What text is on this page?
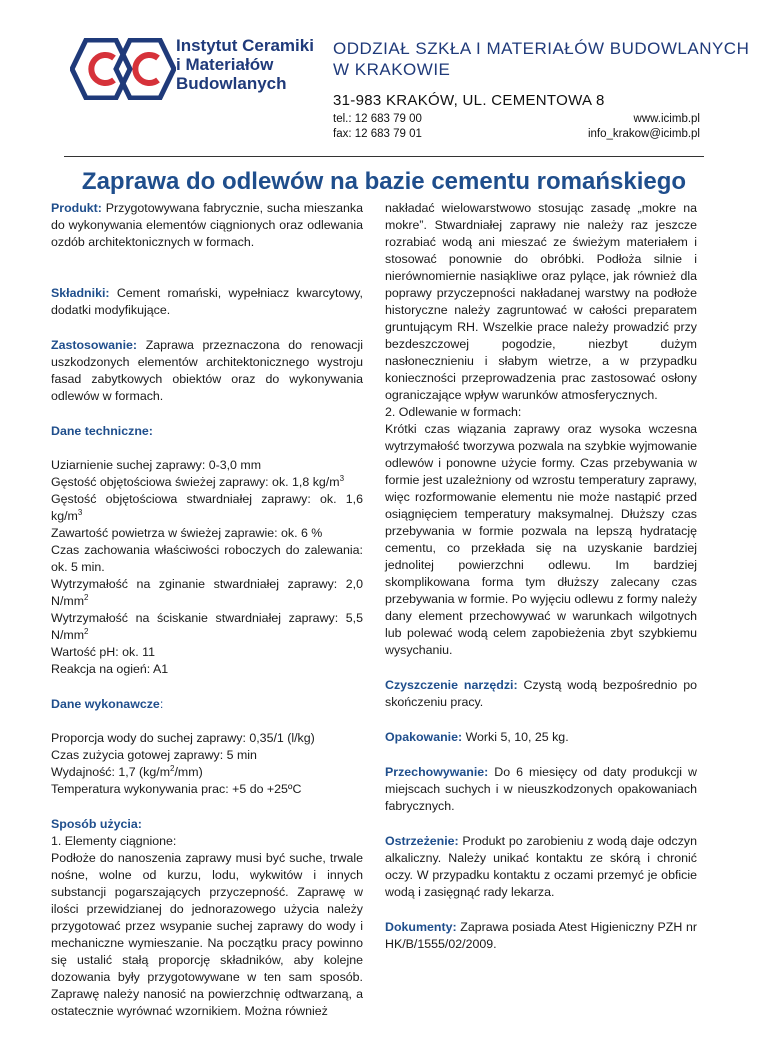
Instytut Ceramiki
i Materiałów
Budowlanych
ODDZIAŁ SZKŁA I MATERIAŁÓW BUDOWLANYCH
W KRAKOWIE
31-983 KRAKÓW, UL. CEMENTOWA 8
tel.: 12 683 79 00
fax: 12 683 79 01
www.icimb.pl
info_krakow@icimb.pl
Zaprawa do odlewów na bazie cementu romańskiego
Produkt: Przygotowywana fabrycznie, sucha mieszanka do wykonywania elementów ciągnionych oraz odlewania ozdób architektonicznych w formach.
Składniki: Cement romański, wypełniacz kwarcytowy, dodatki modyfikujące.
Zastosowanie: Zaprawa przeznaczona do renowacji uszkodzonych elementów architektonicznego wystroju fasad zabytkowych obiektów oraz do wykonywania odlewów w formach.
Dane techniczne:
Uziarnienie suchej zaprawy: 0-3,0 mm
Gęstość objętościowa świeżej zaprawy: ok. 1,8 $kg/m^3$
Gęstość objętościowa stwardniałej zaprawy: ok. 1,6 $kg/m^3$
Zawartość powietrza w świeżej zaprawie: ok. 6 %
Czas zachowania właściwości roboczych do zalewania: ok. 5 min.
Wytrzymałość na zginanie stwardniałej zaprawy: 2,0 $N/mm^2$
Wytrzymałość na ściskanie stwardniałej zaprawy: 5,5 $N/mm^2$
Wartość pH: ok. 11
Reakcja na ogień: A1
Dane wykonawcze:
Proporcja wody do suchej zaprawy: 0,35/1 (l/kg)
Czas zużycia gotowej zaprawy: 5 min
Wydajność: 1,7 $(kg/m^2/mm)$
Temperatura wykonywania prac: +5 do +25ºC
Sposób użycia:
1. Elementy ciągnione:
Podłoże do nanoszenia zaprawy musi być suche, trwale nośne, wolne od kurzu, lodu, wykwitów i innych substancji pogarszających przyczepność. Zaprawę w ilości przewidzianej do jednorazowego użycia należy przygotować przez wsypanie suchej zaprawy do wody i mechaniczne wymieszanie. Na początku pracy powinno się ustalić stałą proporcję składników, aby kolejne dozowania były przygotowywane w ten sam sposób. Zaprawę należy nanosić na powierzchnię odtwarzaną, a ostatecznie wyrównać wzornikiem. Można również
nakładać wielowarstwowo stosując zasadę „mokre na mokre”. Stwardniałej zaprawy nie należy raz jeszcze rozrabiać wodą ani mieszać ze świeżym materiałem i stosować ponownie do obróbki. Podłoża silnie i nierównomiernie nasiąkliwe oraz pylące, jak również dla poprawy przyczepności nakładanej warstwy na podłoże historyczne należy zagruntować w całości preparatem gruntującym RH. Wszelkie prace należy prowadzić przy bezdeszczowej pogodzie, niezbyt dużym nasłonecznieniu i słabym wietrze, a w przypadku konieczności przeprowadzenia prac zastosować osłony ograniczające wpływ warunków atmosferycznych.
2. Odlewanie w formach:
Krótki czas wiązania zaprawy oraz wysoka wczesna wytrzymałość tworzywa pozwala na szybkie wyjmowanie odlewów i ponowne użycie formy. Czas przebywania w formie jest uzależniony od wzrostu temperatury zaprawy, więc rozformowanie elementu nie może nastąpić przed osiągnięciem temperatury maksymalnej. Dłuższy czas przebywania w formie pozwala na lepszą hydratację cementu, co przekłada się na uzyskanie bardziej jednolitej powierzchni odlewu. Im bardziej skomplikowana forma tym dłuższy zalecany czas przebywania w formie. Po wyjęciu odlewu z formy należy dany element przechowywać w warunkach wilgotnych lub polewać wodą celem zapobieżenia zbyt szybkiemu wysychaniu.
Czyszczenie narzędzi: Czystą wodą bezpośrednio po skończeniu pracy.
Opakowanie: Worki 5, 10, 25 kg.
Przechowywanie: Do 6 miesięcy od daty produkcji w miejscach suchych i w nieuszkodzonych opakowaniach fabrycznych.
Ostrzeżenie: Produkt po zarobieniu z wodą daje odczyn alkaliczny. Należy unikać kontaktu ze skórą i chronić oczy. W przypadku kontaktu z oczami przemyć je obficie wodą i zasięgnąć rady lekarza.
Dokumenty: Zaprawa posiada Atest Higieniczny PZH nr HK/B/1555/02/2009.
